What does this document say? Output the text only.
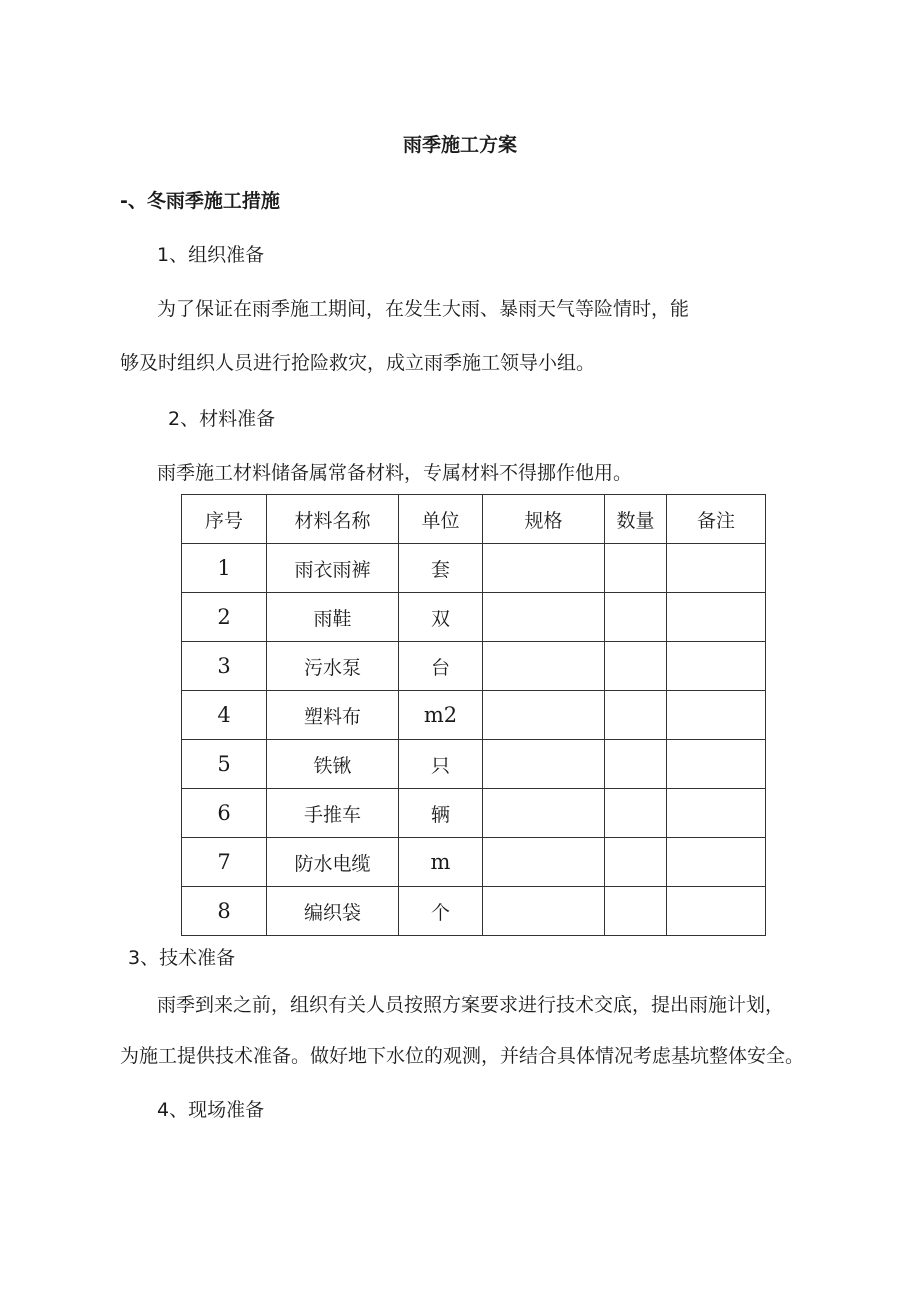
雨季施工方案
-、冬雨季施工措施
1、组织准备
为了保证在雨季施工期间，在发生大雨、暴雨天气等险情时，能
够及时组织人员进行抢险救灾，成立雨季施工领导小组。
2、材料准备
雨季施工材料储备属常备材料，专属材料不得挪作他用。
序号	材料名称	单位	规格	数量	备注
1	雨衣雨裤	套			
2	雨鞋	双			
3	污水泵	台			
4	塑料布	m2			
5	铁锹	只			
6	手推车	辆			
7	防水电缆	m			
8	编织袋	个			
3、技术准备
雨季到来之前，组织有关人员按照方案要求进行技术交底，提出雨施计划，
为施工提供技术准备。做好地下水位的观测，并结合具体情况考虑基坑整体安全。
4、现场准备
